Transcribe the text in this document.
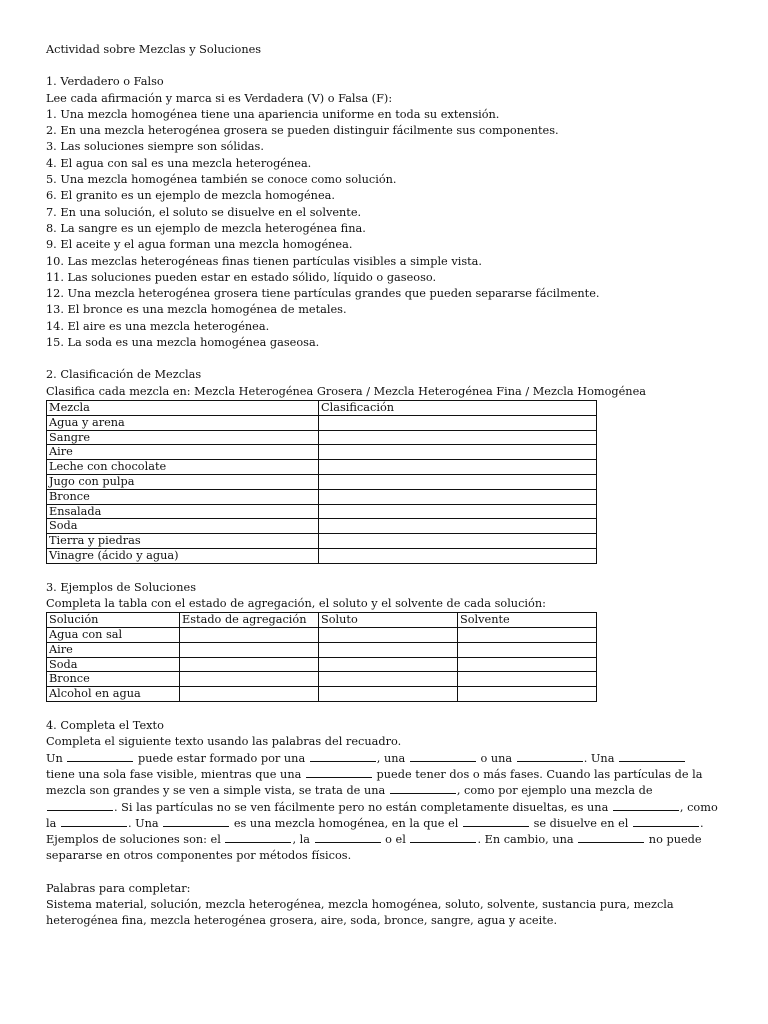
Actividad sobre Mezclas y Soluciones

1. Verdadero o Falso

Lee cada afirmación y marca si es Verdadera (V) o Falsa (F):

1. Una mezcla homogénea tiene una apariencia uniforme en toda su extensión.
2. En una mezcla heterogénea grosera se pueden distinguir fácilmente sus componentes.
3. Las soluciones siempre son sólidas.
4. El agua con sal es una mezcla heterogénea.
5. Una mezcla homogénea también se conoce como solución.
6. El granito es un ejemplo de mezcla homogénea.
7. En una solución, el soluto se disuelve en el solvente.
8. La sangre es un ejemplo de mezcla heterogénea fina.
9. El aceite y el agua forman una mezcla homogénea.
10. Las mezclas heterogéneas finas tienen partículas visibles a simple vista.
11. Las soluciones pueden estar en estado sólido, líquido o gaseoso.
12. Una mezcla heterogénea grosera tiene partículas grandes que pueden separarse fácilmente.
13. El bronce es una mezcla homogénea de metales.
14. El aire es una mezcla heterogénea.
15. La soda es una mezcla homogénea gaseosa.

2. Clasificación de Mezclas

Clasifica cada mezcla en: Mezcla Heterogénea Grosera / Mezcla Heterogénea Fina / Mezcla Homogénea

Mezcla	Clasificación
Agua y arena	
Sangre	
Aire	
Leche con chocolate	
Jugo con pulpa	
Bronce	
Ensalada	
Soda	
Tierra y piedras	
Vinagre (ácido y agua)	

3. Ejemplos de Soluciones

Completa la tabla con el estado de agregación, el soluto y el solvente de cada solución:

Solución	Estado de agregación	Soluto	Solvente
Agua con sal			
Aire			
Soda			
Bronce			
Alcohol en agua			

4. Completa el Texto

Completa el siguiente texto usando las palabras del recuadro.

Un	puede estar formado por una	, una	o una	. Una  tiene una sola fase visible, mientras que una	puede tener dos o más fases. Cuando las partículas de la mezcla son grandes y se ven a simple vista, se trata de una	, como por ejemplo una mezcla de . Si las partículas no se ven fácilmente pero no están completamente disueltas, es una	, como la	. Una	es una mezcla homogénea, en la que el	se disuelve en el	. Ejemplos de soluciones son: el	, la	o el	. En cambio, una	no puede separarse en otros componentes por métodos físicos.

Palabras para completar:

Sistema material, solución, mezcla heterogénea, mezcla homogénea, soluto, solvente, sustancia pura, mezcla heterogénea fina, mezcla heterogénea grosera, aire, soda, bronce, sangre, agua y aceite.
